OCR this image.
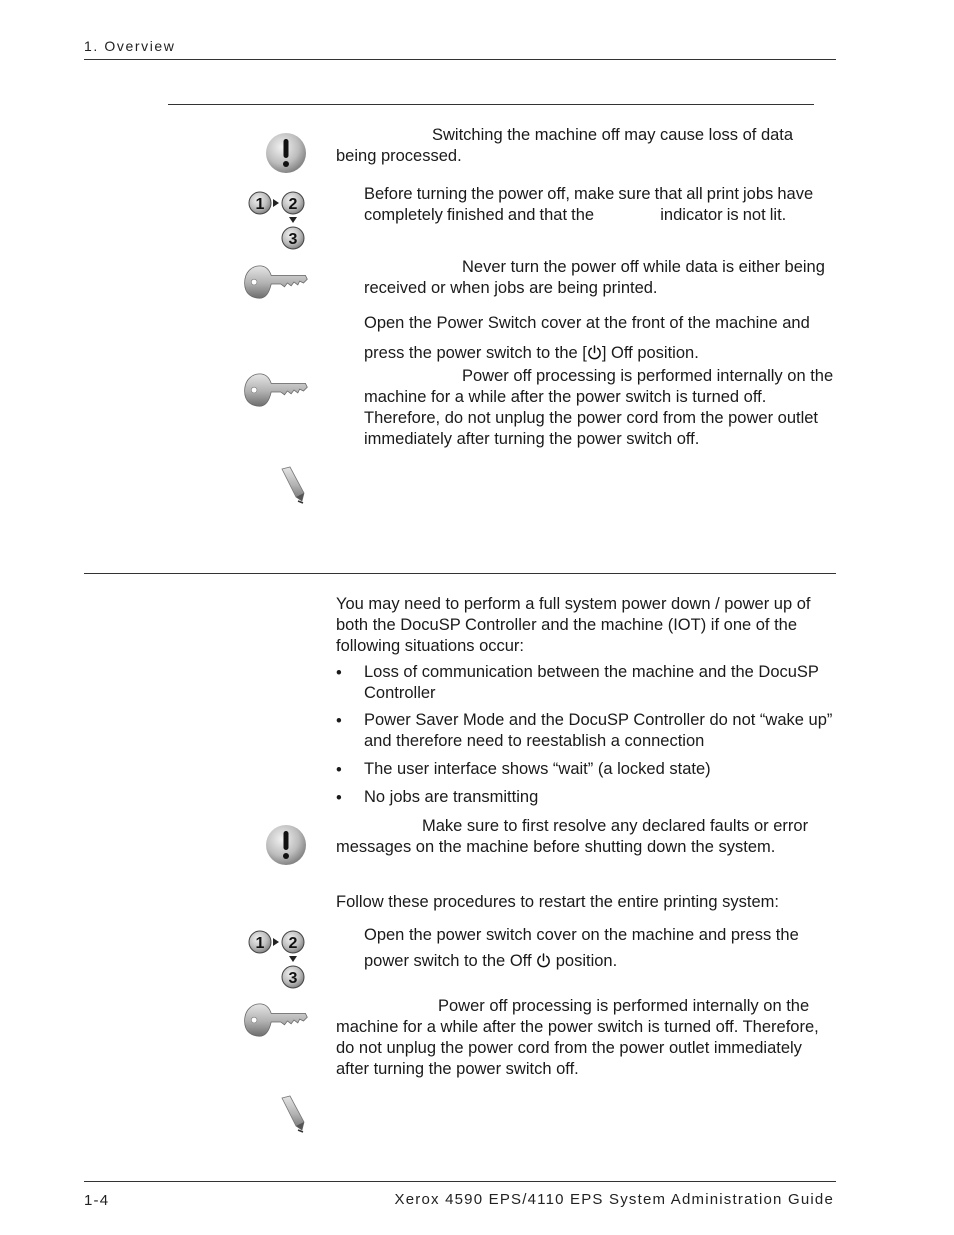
1. Overview

Switching the machine off may cause loss of data being processed.

Before turning the power off, make sure that all print jobs have completely finished and that the	indicator is not lit.

Never turn the power off while data is either being received or when jobs are being printed.

Open the Power Switch cover at the front of the machine and
press the power switch to the [ ] Off position.

Power off processing is performed internally on the machine for a while after the power switch is turned off. Therefore, do not unplug the power cord from the power outlet immediately after turning the power switch off.

You may need to perform a full system power down / power up of both the DocuSP Controller and the machine (IOT) if one of the following situations occur:

• Loss of communication between the machine and the DocuSP Controller

• Power Saver Mode and the DocuSP Controller do not “wake up” and therefore need to reestablish a connection

• The user interface shows “wait” (a locked state)

• No jobs are transmitting

Make sure to first resolve any declared faults or error messages on the machine before shutting down the system.

Follow these procedures to restart the entire printing system:

Open the power switch cover on the machine and press the
power switch to the Off position.

Power off processing is performed internally on the machine for a while after the power switch is turned off. Therefore, do not unplug the power cord from the power outlet immediately after turning the power switch off.

1-4	Xerox 4590 EPS/4110 EPS System Administration Guide
